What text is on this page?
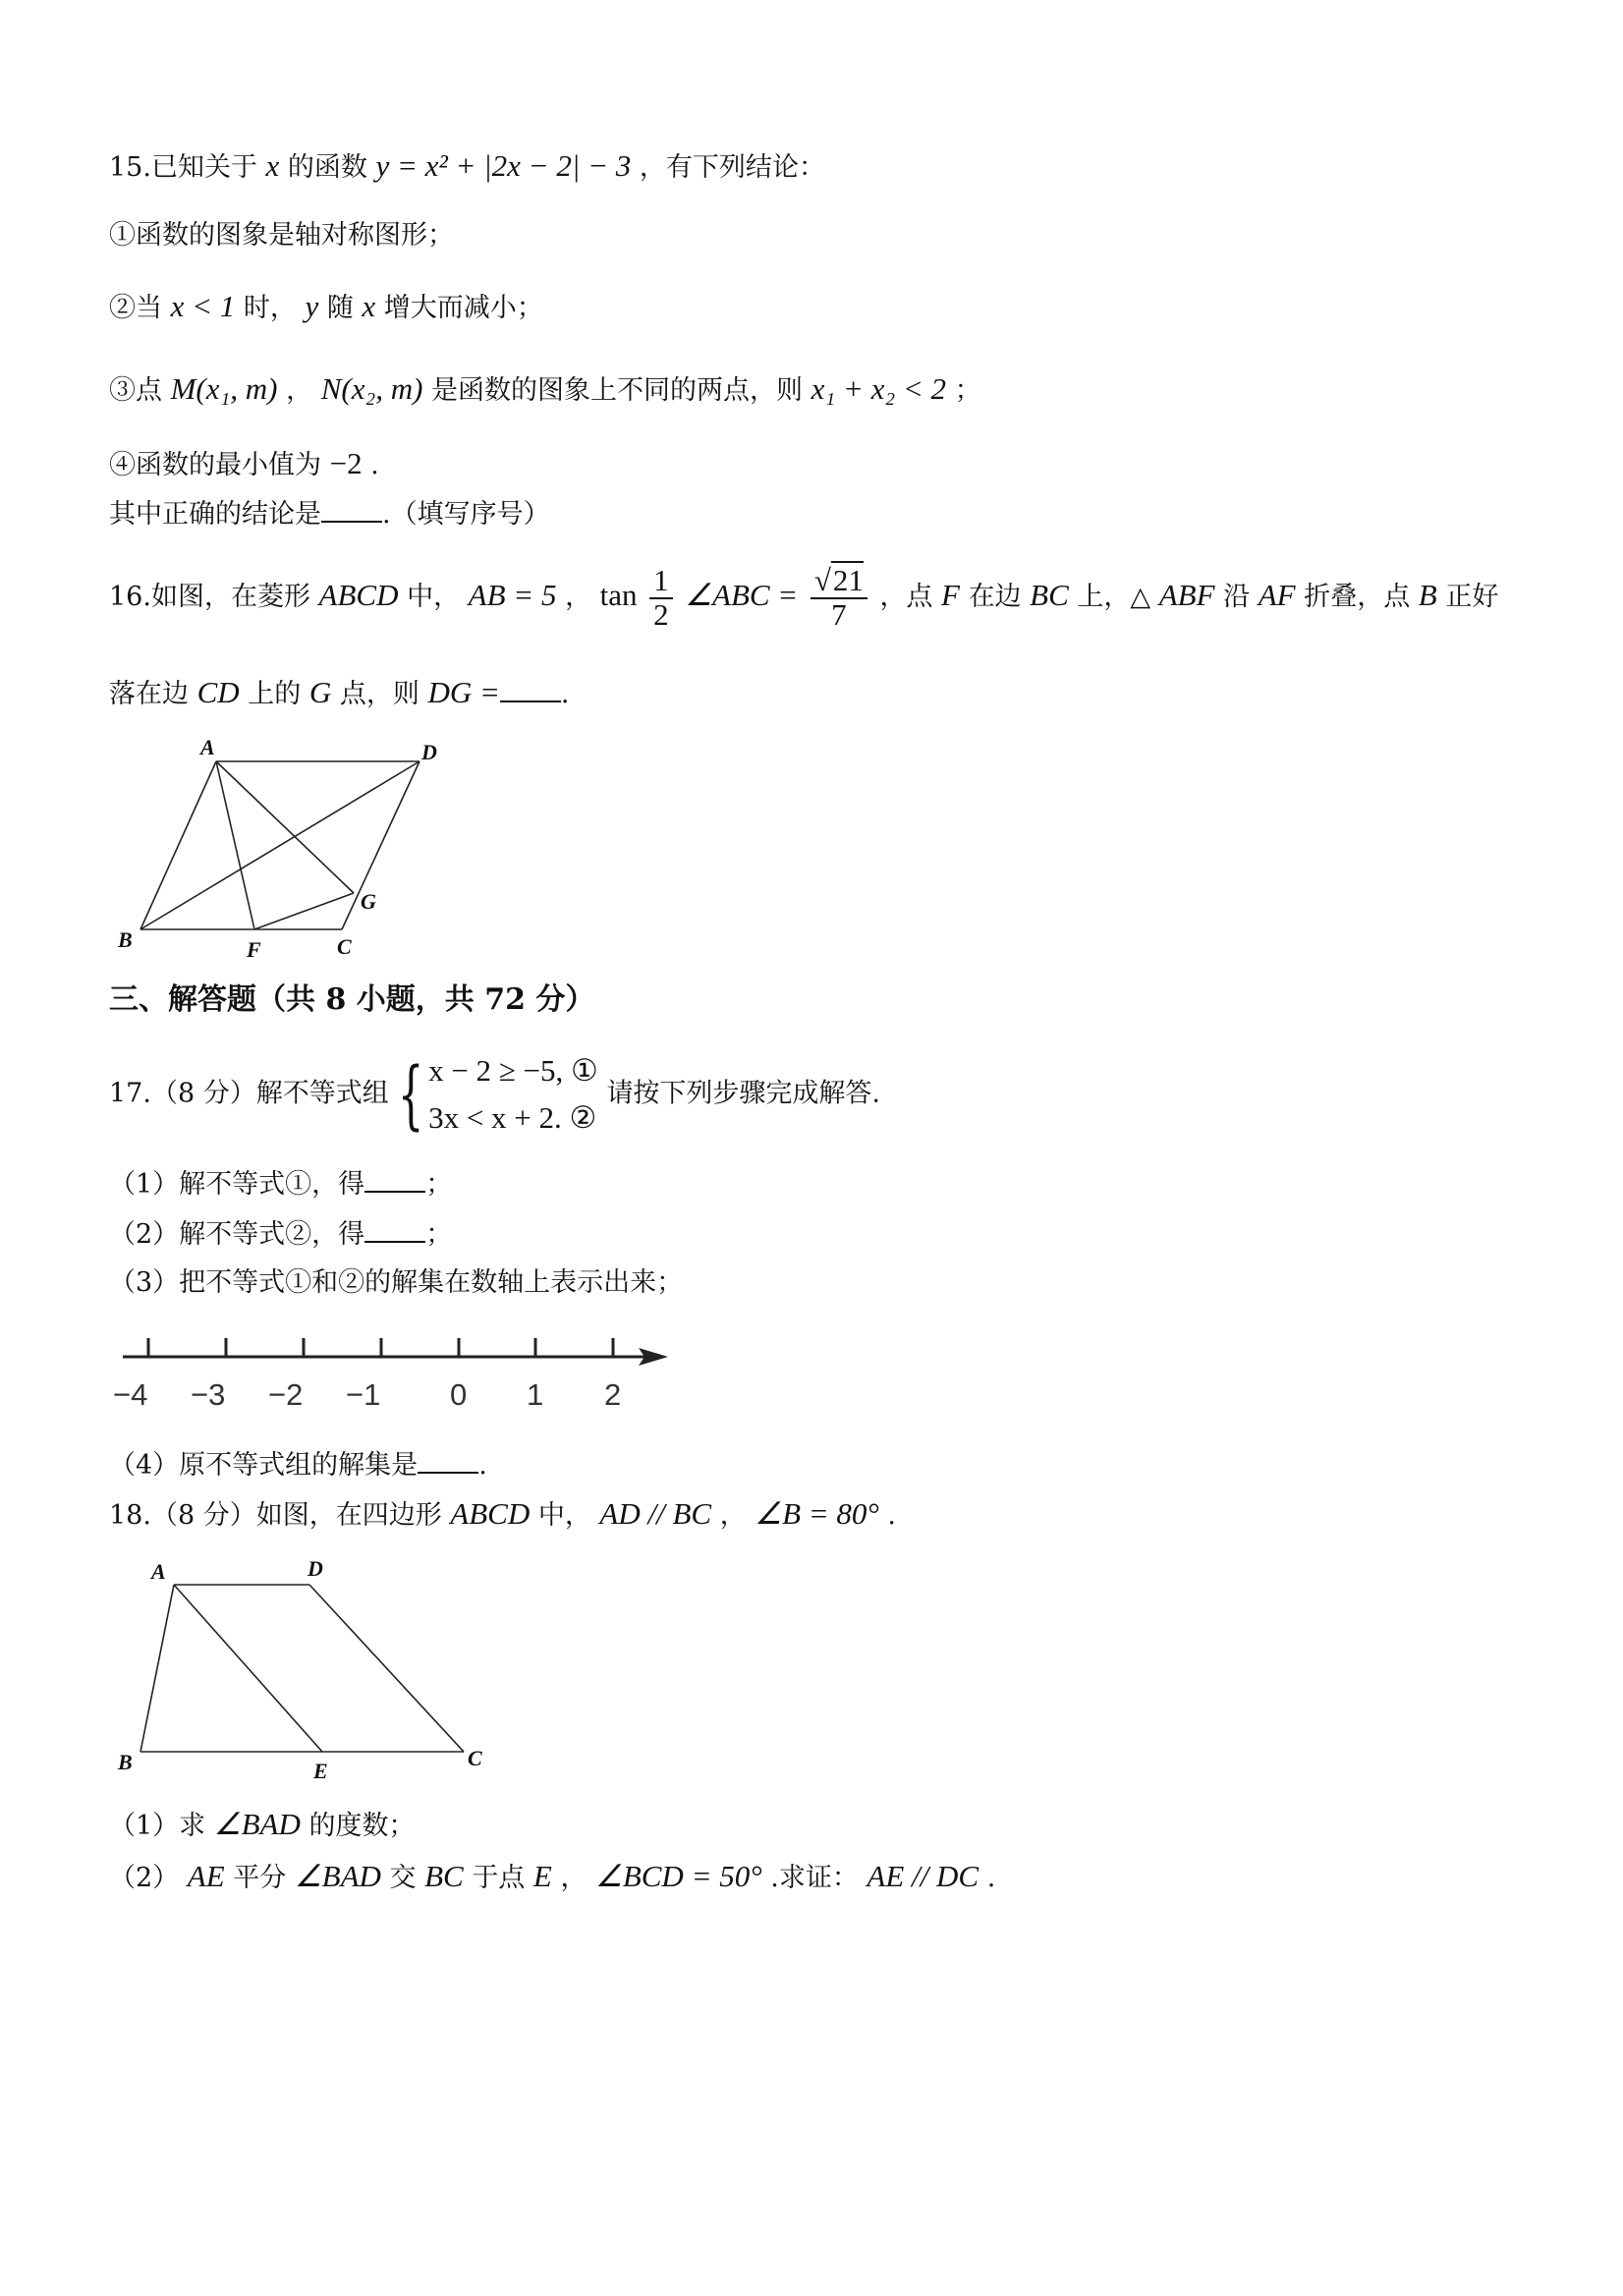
15.已知关于 x 的函数 y = x² + |2x − 2| − 3 ，有下列结论：
①函数的图象是轴对称图形；
②当 x < 1 时， y 随 x 增大而减小；
③点 M(x₁, m) ， N(x₂, m) 是函数的图象上不同的两点，则 x₁ + x₂ < 2 ；
④函数的最小值为 −2 .
其中正确的结论是 .（填写序号）
16.如图，在菱形 ABCD 中， AB = 5 ， $\tan \frac{1}{2}$ ∠ABC = $\frac{√21}{7}$ ，点 F 在边 BC 上，△ ABF 沿 AF 折叠，点 B 正好
落在边 CD 上的 G 点，则 DG = .
A	D
B	F	C
G
−4 −3 −2 −1 0 1 2
A	D
B	E
C
三、解答题（共 8 小题，共 72 分）
17.（8 分）解不等式组 { x − 2 ≥ −5, ①
3x < x + 2. ②
请按下列步骤完成解答.
（1）解不等式①，得 ；
（2）解不等式②，得 ；
（3）把不等式①和②的解集在数轴上表示出来；
（4）原不等式组的解集是 .
18.（8 分）如图，在四边形 ABCD 中， AD // BC ， ∠B = 80° .
（1）求 ∠BAD 的度数；
（2） AE 平分 ∠BAD 交 BC 于点 E ， ∠BCD = 50° .求证： AE // DC .
